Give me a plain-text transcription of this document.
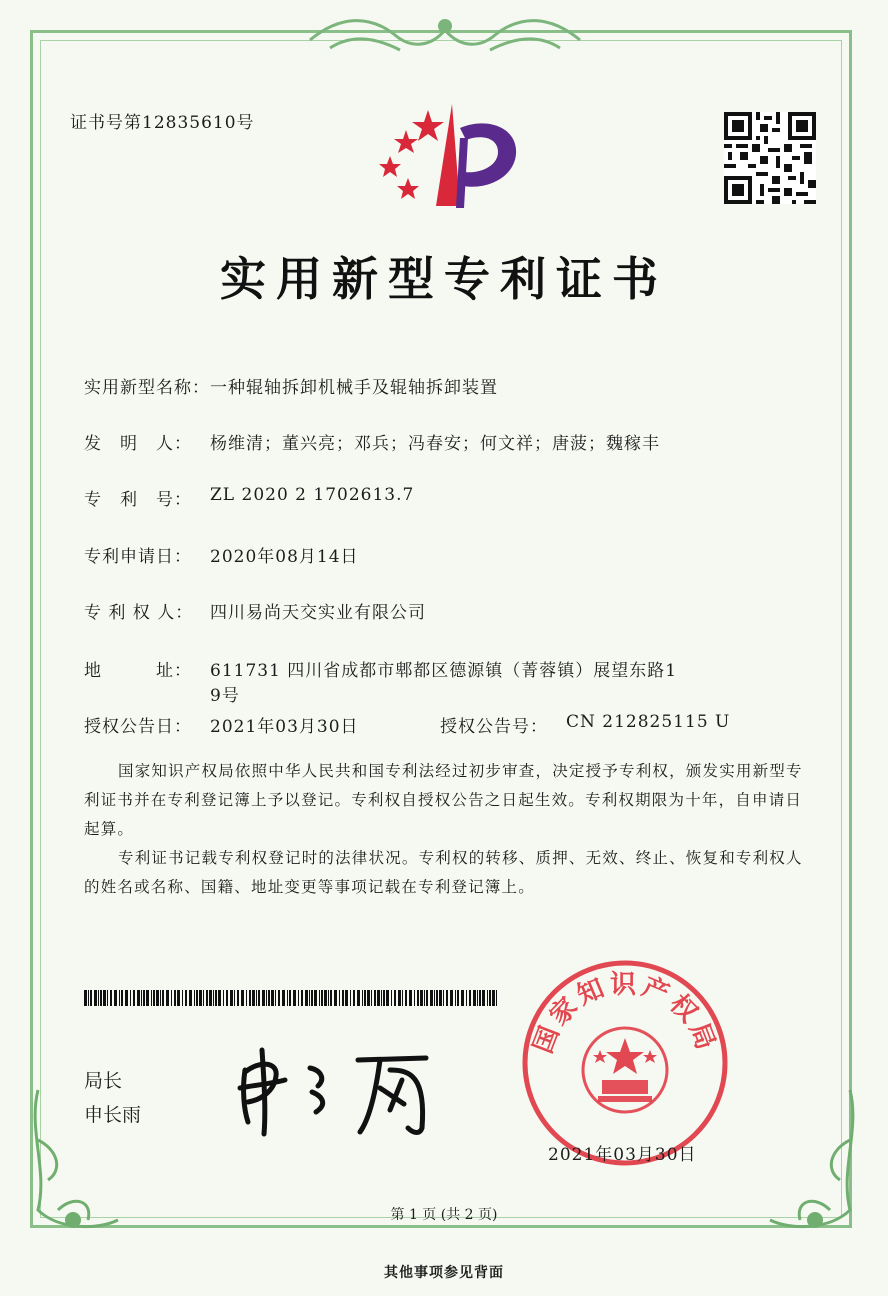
证书号第12835610号
实用新型专利证书
实用新型名称： 一种辊轴拆卸机械手及辊轴拆卸装置
发　明　人： 杨维清；董兴亮；邓兵；冯春安；何文祥；唐菠；魏稼丰
专　利　号： ZL 2020 2 1702613.7
专利申请日： 2020年08月14日
专 利 权 人： 四川易尚天交实业有限公司
地　　　址： 611731 四川省成都市郫都区德源镇（菁蓉镇）展望东路1
9号
授权公告日： 2021年03月30日	授权公告号： CN 212825115 U
国家知识产权局依照中华人民共和国专利法经过初步审查，决定授予专利权，颁发实用新型专利证书并在专利登记簿上予以登记。专利权自授权公告之日起生效。专利权期限为十年，自申请日起算。
专利证书记载专利权登记时的法律状况。专利权的转移、质押、无效、终止、恢复和专利权人的姓名或名称、国籍、地址变更等事项记载在专利登记簿上。
局长
申长雨
国家知识产权局
2021年03月30日
第 1 页 (共 2 页)
其他事项参见背面
